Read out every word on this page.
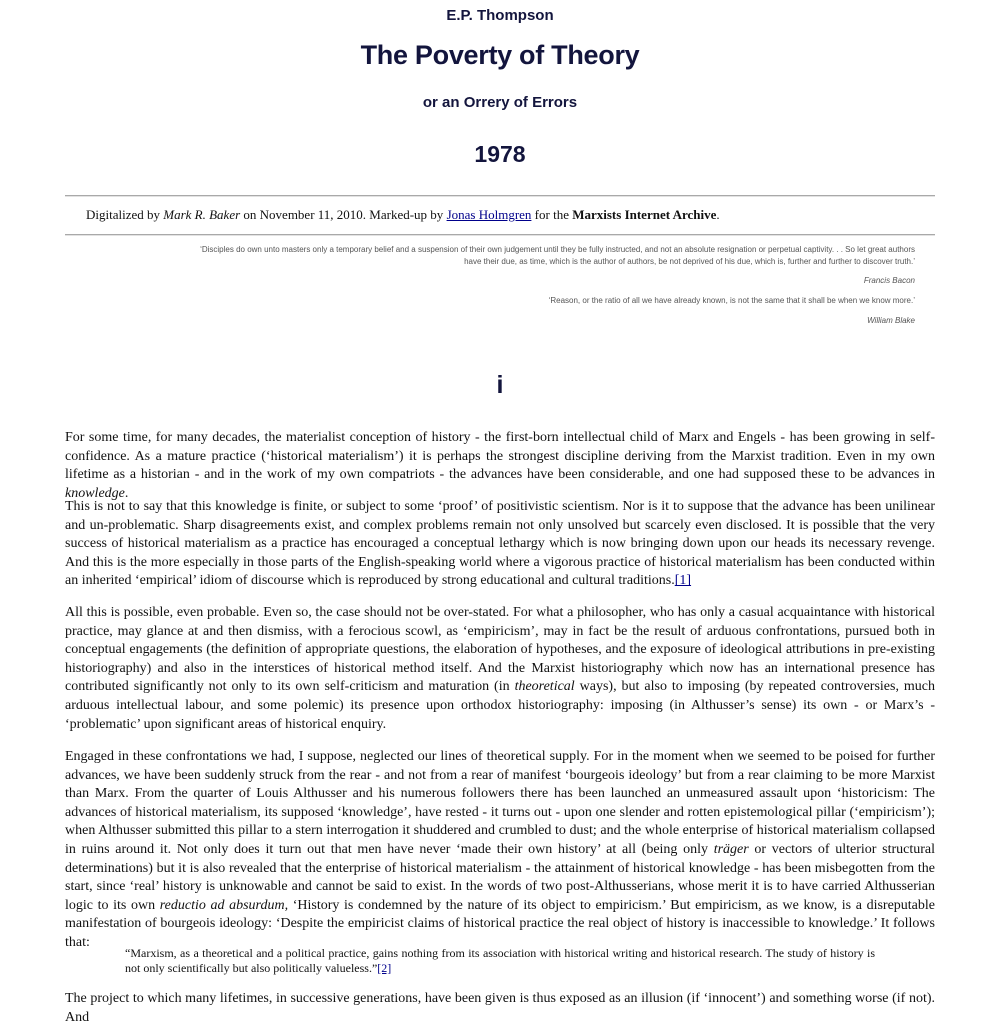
E.P. Thompson
The Poverty of Theory
or an Orrery of Errors
1978
Digitalized by Mark R. Baker on November 11, 2010. Marked-up by Jonas Holmgren for the Marxists Internet Archive.
‘Disciples do own unto masters only a temporary belief and a suspension of their own judgement until they be fully instructed, and not an absolute resignation or perpetual captivity. . . So let great authors have their due, as time, which is the author of authors, be not deprived of his due, which is, further and further to discover truth.’
Francis Bacon
‘Reason, or the ratio of all we have already known, is not the same that it shall be when we know more.’
William Blake
i

For some time, for many decades, the materialist conception of history - the first-born intellectual child of Marx and Engels - has been growing in self-confidence. As a mature practice (‘historical materialism’) it is perhaps the strongest discipline deriving from the Marxist tradition. Even in my own lifetime as a historian - and in the work of my own compatriots - the advances have been considerable, and one had supposed these to be advances in knowledge.

This is not to say that this knowledge is finite, or subject to some ‘proof’ of positivistic scientism. Nor is it to suppose that the advance has been unilinear and un-problematic. Sharp disagreements exist, and complex problems remain not only unsolved but scarcely even disclosed. It is possible that the very success of historical materialism as a practice has encouraged a conceptual lethargy which is now bringing down upon our heads its necessary revenge. And this is the more especially in those parts of the English-speaking world where a vigorous practice of historical materialism has been conducted within an inherited ‘empirical’ idiom of discourse which is reproduced by strong educational and cultural traditions.[1]

All this is possible, even probable. Even so, the case should not be over-stated. For what a philosopher, who has only a casual acquaintance with historical practice, may glance at and then dismiss, with a ferocious scowl, as ‘empiricism’, may in fact be the result of arduous confrontations, pursued both in conceptual engagements (the definition of appropriate questions, the elaboration of hypotheses, and the exposure of ideological attributions in pre-existing historiography) and also in the interstices of historical method itself. And the Marxist historiography which now has an international presence has contributed significantly not only to its own self-criticism and maturation (in theoretical ways), but also to imposing (by repeated controversies, much arduous intellectual labour, and some polemic) its presence upon orthodox historiography: imposing (in Althusser’s sense) its own - or Marx’s - ‘problematic’ upon significant areas of historical enquiry.

Engaged in these confrontations we had, I suppose, neglected our lines of theoretical supply. For in the moment when we seemed to be poised for further advances, we have been suddenly struck from the rear - and not from a rear of manifest ‘bourgeois ideology’ but from a rear claiming to be more Marxist than Marx. From the quarter of Louis Althusser and his numerous followers there has been launched an unmeasured assault upon ‘historicism: The advances of historical materialism, its supposed ‘knowledge’, have rested - it turns out - upon one slender and rotten epistemological pillar (‘empiricism’); when Althusser submitted this pillar to a stern interrogation it shuddered and crumbled to dust; and the whole enterprise of historical materialism collapsed in ruins around it. Not only does it turn out that men have never ‘made their own history’ at all (being only träger or vectors of ulterior structural determinations) but it is also revealed that the enterprise of historical materialism - the attainment of historical knowledge - has been misbegotten from the start, since ‘real’ history is unknowable and cannot be said to exist. In the words of two post-Althusserians, whose merit it is to have carried Althusserian logic to its own reductio ad absurdum, ‘History is condemned by the nature of its object to empiricism.’ But empiricism, as we know, is a disreputable manifestation of bourgeois ideology: ‘Despite the empiricist claims of historical practice the real object of history is inaccessible to knowledge.’ It follows that:

“Marxism, as a theoretical and a political practice, gains nothing from its association with historical writing and historical research. The study of history is not only scientifically but also politically valueless.”[2]

The project to which many lifetimes, in successive generations, have been given is thus exposed as an illusion (if ‘innocent’) and something worse (if not). And
